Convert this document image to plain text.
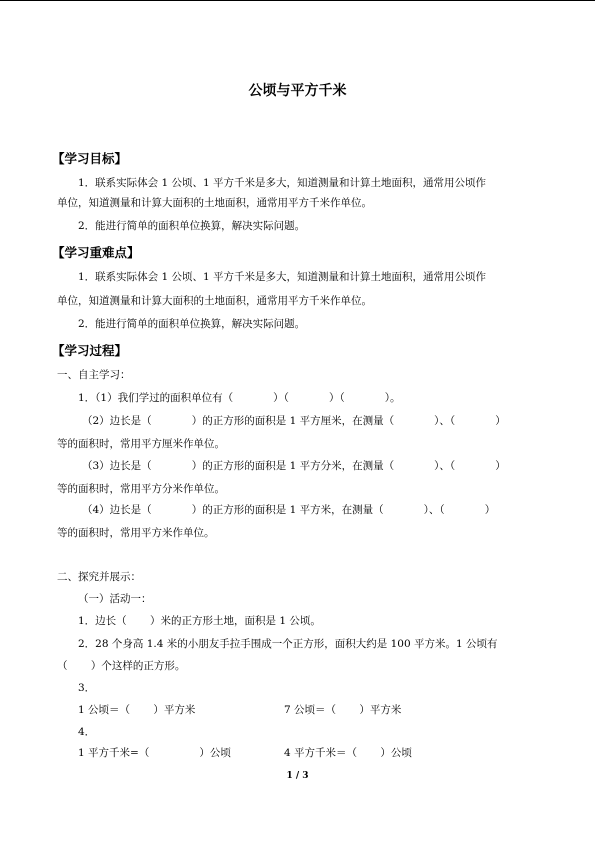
公顷与平方千米
【学习目标】
1．联系实际体会 1 公顷、1 平方千米是多大，知道测量和计算土地面积，通常用公顷作
单位，知道测量和计算大面积的土地面积，通常用平方千米作单位。
2．能进行简单的面积单位换算，解决实际问题。
【学习重难点】
1．联系实际体会 1 公顷、1 平方千米是多大，知道测量和计算土地面积，通常用公顷作
单位，知道测量和计算大面积的土地面积，通常用平方千米作单位。
2．能进行简单的面积单位换算，解决实际问题。
【学习过程】
一、自主学习：
1．（1）我们学过的面积单位有（            ）（            ）（            ）。
（2）边长是（            ）的正方形的面积是 1 平方厘米，在测量（            ）、（            ）
等的面积时，常用平方厘米作单位。
（3）边长是（            ）的正方形的面积是 1 平方分米，在测量（            ）、（            ）
等的面积时，常用平方分米作单位。
（4）边长是（            ）的正方形的面积是 1 平方米，在测量（            ）、（            ）
等的面积时，常用平方米作单位。
二、探究并展示：
（一）活动一：
1．边长（       ）米的正方形土地，面积是 1 公顷。
2．28 个身高 1.4 米的小朋友手拉手围成一个正方形，面积大约是 100 平方米。1 公顷有
（       ）个这样的正方形。
3．
1 公顷＝（       ）平方米	7 公顷＝（       ）平方米
4．
1 平方千米=（               ）公顷	4 平方千米＝（       ）公顷
1 / 3
